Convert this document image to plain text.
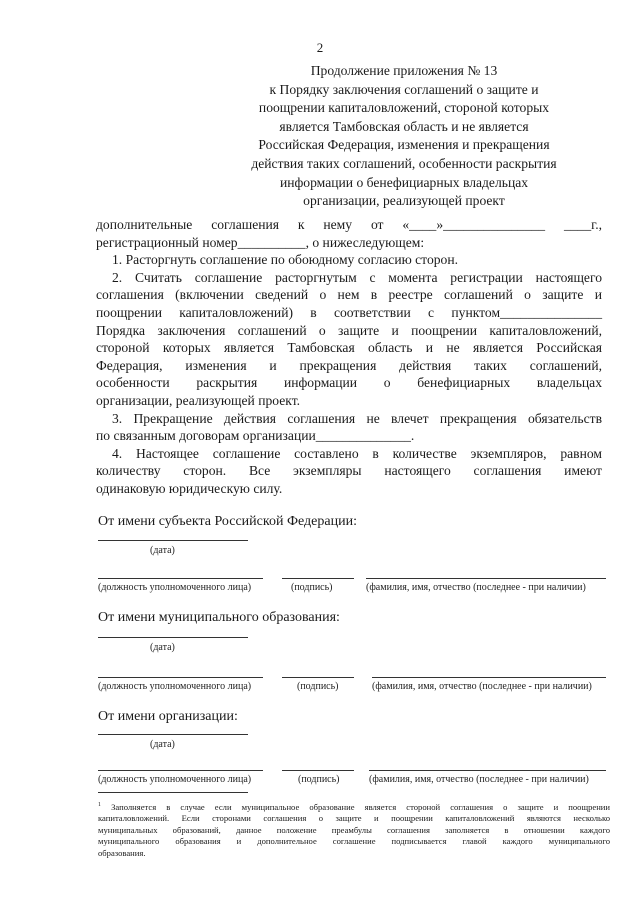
2
Продолжение приложения № 13
к Порядку заключения соглашений о защите и
поощрении капиталовложений, стороной которых
является Тамбовская область и не является
Российская Федерация, изменения и прекращения
действия таких соглашений, особенности раскрытия
информации о бенефициарных владельцах
организации, реализующей проект
дополнительные соглашения к нему от «____»_______________ ____г.,
регистрационный номер__________, о нижеследующем:
1. Расторгнуть соглашение по обоюдному согласию сторон.
2. Считать соглашение расторгнутым с момента регистрации настоящего
соглашения (включении сведений о нем в реестре соглашений о защите и
поощрении капиталовложений) в соответствии с пунктом_______________
Порядка заключения соглашений о защите и поощрении капиталовложений,
стороной которых является Тамбовская область и не является Российская
Федерация, изменения и прекращения действия таких соглашений,
особенности раскрытия информации о бенефициарных владельцах
организации, реализующей проект.
3. Прекращение действия соглашения не влечет прекращения обязательств
по связанным договорам организации______________.
4. Настоящее соглашение составлено в количестве экземпляров, равном
количеству сторон. Все экземпляры настоящего соглашения имеют
одинаковую юридическую силу.
От имени субъекта Российской Федерации:
(дата)
(должность уполномоченного лица)	(подпись)	(фамилия, имя, отчество (последнее - при наличии)
От имени муниципального образования:
(дата)
(должность уполномоченного лица)	(подпись)	(фамилия, имя, отчество (последнее - при наличии)
От имени организации:
(дата)
(должность уполномоченного лица)	(подпись)	(фамилия, имя, отчество (последнее - при наличии)
$^1$ Заполняется в случае если муниципальное образование является стороной соглашения о защите и поощрении
капиталовложений. Если сторонами соглашения о защите и поощрении капиталовложений являются несколько
муниципальных образований, данное положение преамбулы соглашения заполняется в отношении каждого
муниципального образования и дополнительное соглашение подписывается главой каждого муниципального
образования.
